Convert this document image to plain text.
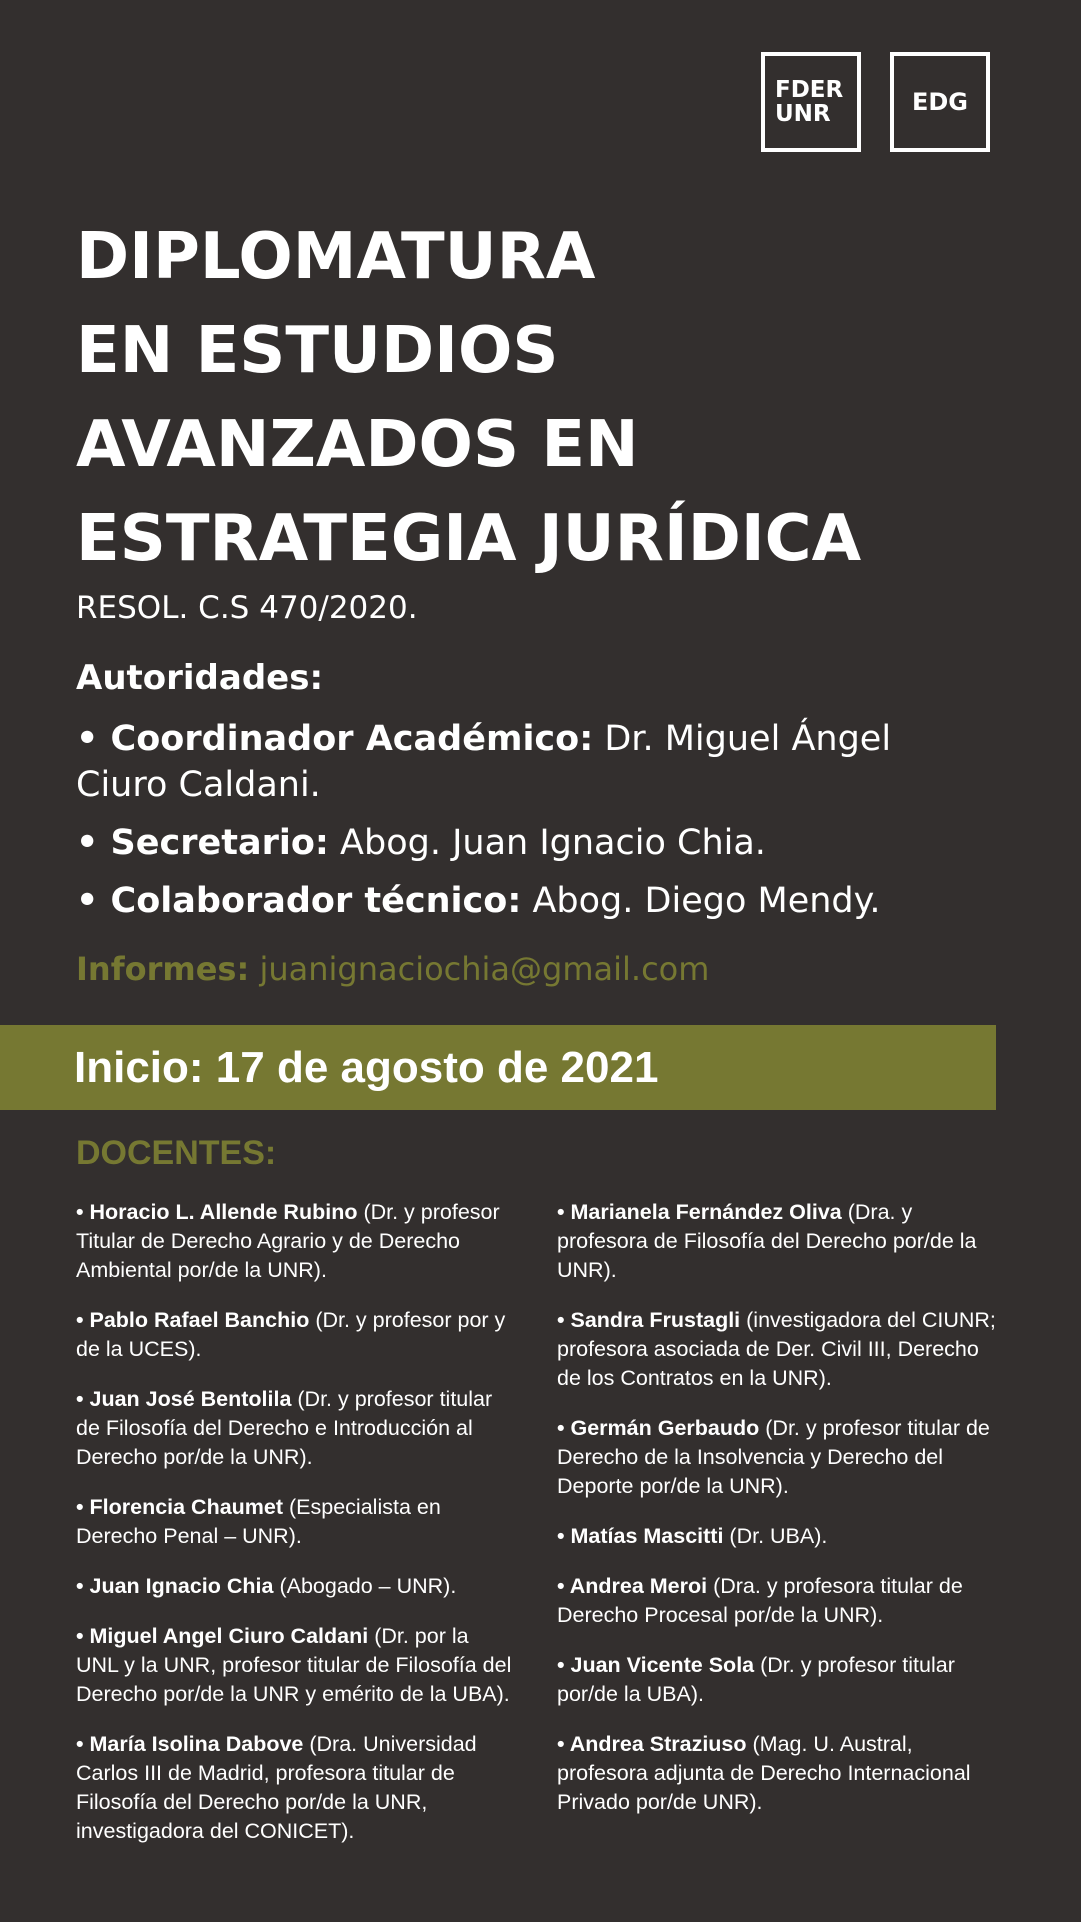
FDER
UNR	EDG
DIPLOMATURA
EN ESTUDIOS
AVANZADOS EN
ESTRATEGIA JURÍDICA
RESOL. C.S 470/2020.
Autoridades:
• Coordinador Académico: Dr. Miguel Ángel Ciuro Caldani.
• Secretario: Abog. Juan Ignacio Chia.
• Colaborador técnico: Abog. Diego Mendy.
Informes: juanignaciochia@gmail.com
Inicio: 17 de agosto de 2021
DOCENTES:

• Horacio L. Allende Rubino (Dr. y profesor Titular de Derecho Agrario y de Derecho Ambiental por/de la UNR).

• Pablo Rafael Banchio (Dr. y profesor por y de la UCES).

• Juan José Bentolila (Dr. y profesor titular de Filosofía del Derecho e Introducción al Derecho por/de la UNR).

• Florencia Chaumet (Especialista en Derecho Penal – UNR).

• Juan Ignacio Chia (Abogado – UNR).

• Miguel Angel Ciuro Caldani (Dr. por la UNL y la UNR, profesor titular de Filosofía del Derecho por/de la UNR y emérito de la UBA).

• María Isolina Dabove (Dra. Universidad Carlos III de Madrid, profesora titular de Filosofía del Derecho por/de la UNR, investigadora del CONICET).

• Marianela Fernández Oliva (Dra. y profesora de Filosofía del Derecho por/de la UNR).

• Sandra Frustagli (investigadora del CIUNR; profesora asociada de Der. Civil III, Derecho de los Contratos en la UNR).

• Germán Gerbaudo (Dr. y profesor titular de Derecho de la Insolvencia y Derecho del Deporte por/de la UNR).

• Matías Mascitti (Dr. UBA).

• Andrea Meroi (Dra. y profesora titular de Derecho Procesal por/de la UNR).

• Juan Vicente Sola (Dr. y profesor titular por/de la UBA).

• Andrea Straziuso (Mag. U. Austral, profesora adjunta de Derecho Internacional Privado por/de UNR).
